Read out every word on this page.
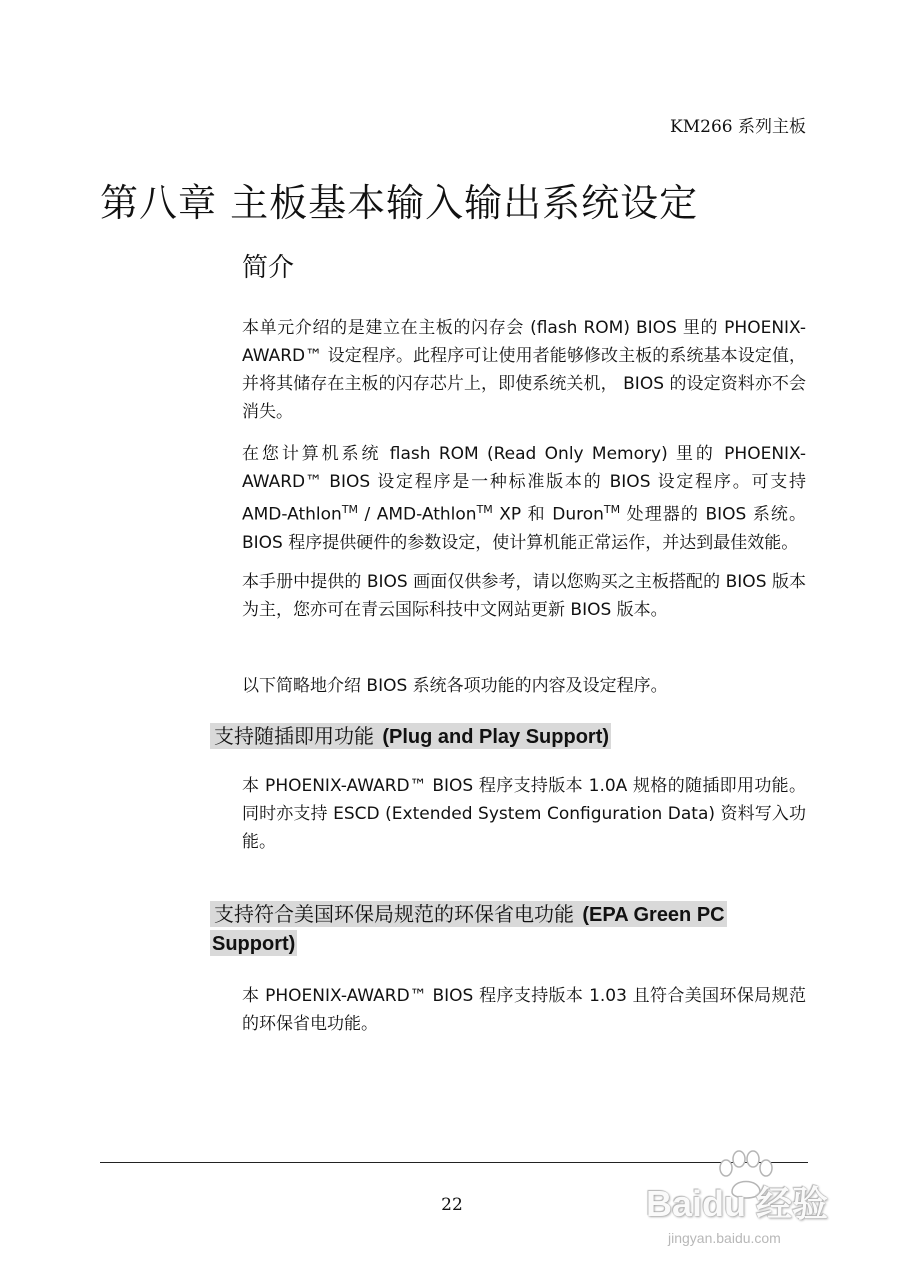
KM266 系列主板
第八章 主板基本输入输出系统设定
简介

本单元介绍的是建立在主板的闪存会 (flash ROM) BIOS 里的 PHOENIX-AWARD™ 设定程序。此程序可让使用者能够修改主板的系统基本设定值，并将其储存在主板的闪存芯片上，即使系统关机， BIOS 的设定资料亦不会消失。

在您计算机系统 flash ROM (Read Only Memory) 里的 PHOENIX-AWARD™ BIOS 设定程序是一种标准版本的 BIOS 设定程序。可支持 AMD-Athlon™ / AMD-Athlon™ XP 和 Duron™ 处理器的 BIOS 系统。 BIOS 程序提供硬件的参数设定，使计算机能正常运作，并达到最佳效能。

本手册中提供的 BIOS 画面仅供参考，请以您购买之主板搭配的 BIOS 版本为主，您亦可在青云国际科技中文网站更新 BIOS 版本。

以下简略地介绍 BIOS 系统各项功能的内容及设定程序。

支持随插即用功能 (Plug and Play Support)

本 PHOENIX-AWARD™ BIOS 程序支持版本 1.0A 规格的随插即用功能。同时亦支持 ESCD (Extended System Configuration Data) 资料写入功能。

支持符合美国环保局规范的环保省电功能 (EPA Green PC Support)

本 PHOENIX-AWARD™ BIOS 程序支持版本 1.03 且符合美国环保局规范的环保省电功能。

22	Baidu 经验
jingyan.baidu.com
